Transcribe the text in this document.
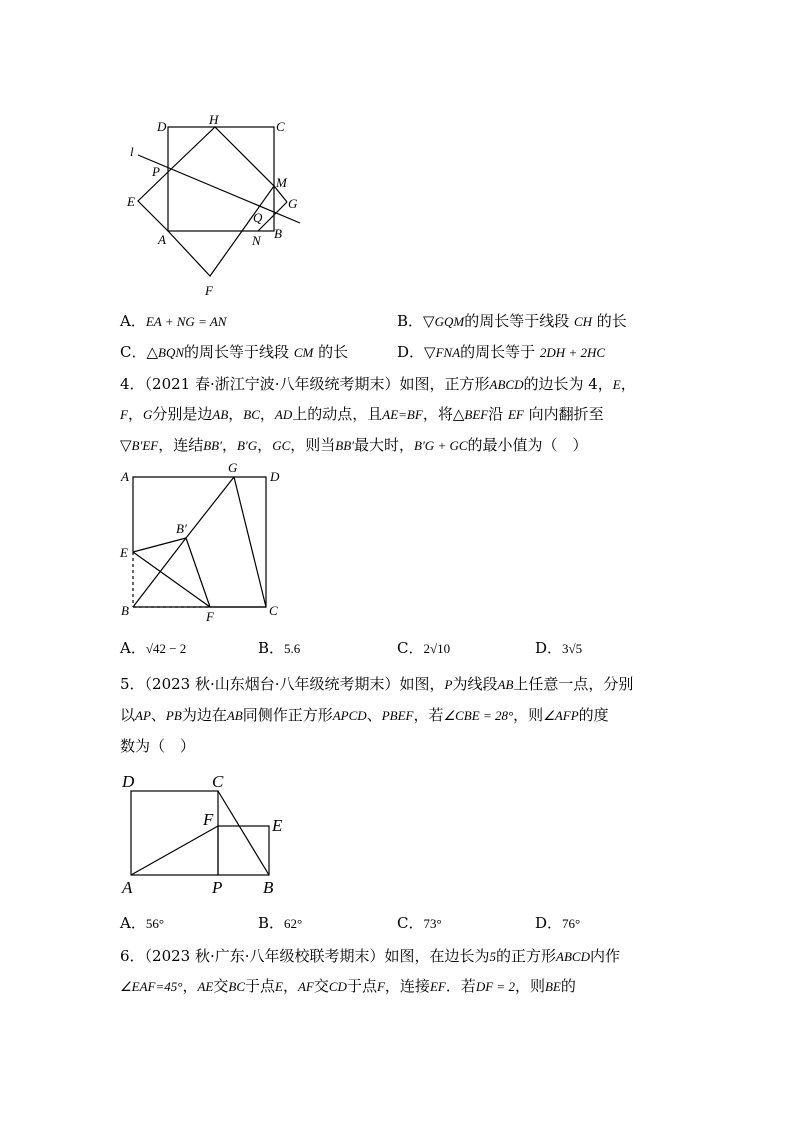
D	H	C
l
P
M
E	G
Q
A	N B
F
A．EA + NG = AN	B．▽GQM的周长等于线段 CH 的长
C．△BQN的周长等于线段 CM 的长	D．▽FNA的周长等于 2DH + 2HC
4．（2021 春·浙江宁波·八年级统考期末）如图，正方形ABCD的边长为 4，E，
F，G分别是边AB，BC，AD上的动点，且AE=BF，将△BEF沿 EF 向内翻折至
▽B′EF，连结BB′，B′G，GC，则当BB′最大时，B′G + GC的最小值为（　）
A
G
D
B′
E
B	F	C
A．√42 − 2	B．5.6	C．2√10	D．3√5
5．（2023 秋·山东烟台·八年级统考期末）如图，P为线段AB上任意一点，分别
以AP、PB为边在AB同侧作正方形APCD、PBEF，若∠CBE = 28°，则∠AFP的度
数为（　）
D	C
F	E
A	P B
A．56°	B．62°	C．73°	D．76°
6．（2023 秋·广东·八年级校联考期末）如图，在边长为5的正方形ABCD内作
∠EAF=45°，AE交BC于点E，AF交CD于点F，连接EF．若DF = 2，则BE的
